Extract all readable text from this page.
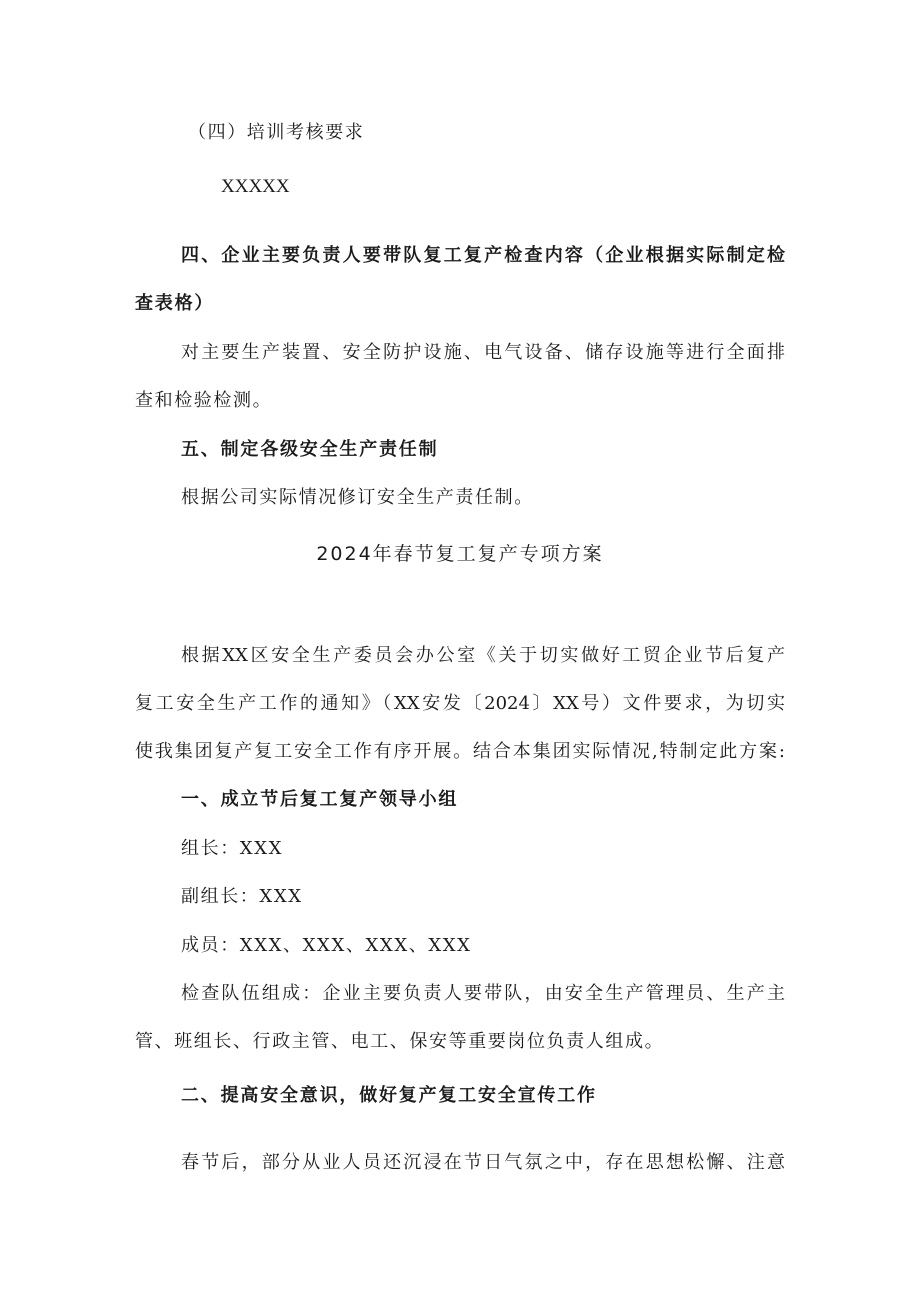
（四）培训考核要求
XXXXX
四、企业主要负责人要带队复工复产检查内容（企业根据实际制定检
查表格）
对主要生产装置、安全防护设施、电气设备、储存设施等进行全面排
查和检验检测。
五、制定各级安全生产责任制
根据公司实际情况修订安全生产责任制。
2024年春节复工复产专项方案
根据XX区安全生产委员会办公室《关于切实做好工贸企业节后复产
复工安全生产工作的通知》（XX安发〔2024〕XX号）文件要求，为切实
使我集团复产复工安全工作有序开展。结合本集团实际情况,特制定此方案:
一、成立节后复工复产领导小组
组长：XXX
副组长：XXX
成员：XXX、XXX、XXX、XXX
检查队伍组成：企业主要负责人要带队，由安全生产管理员、生产主
管、班组长、行政主管、电工、保安等重要岗位负责人组成。
二、提高安全意识，做好复产复工安全宣传工作
春节后，部分从业人员还沉浸在节日气氛之中，存在思想松懈、注意
